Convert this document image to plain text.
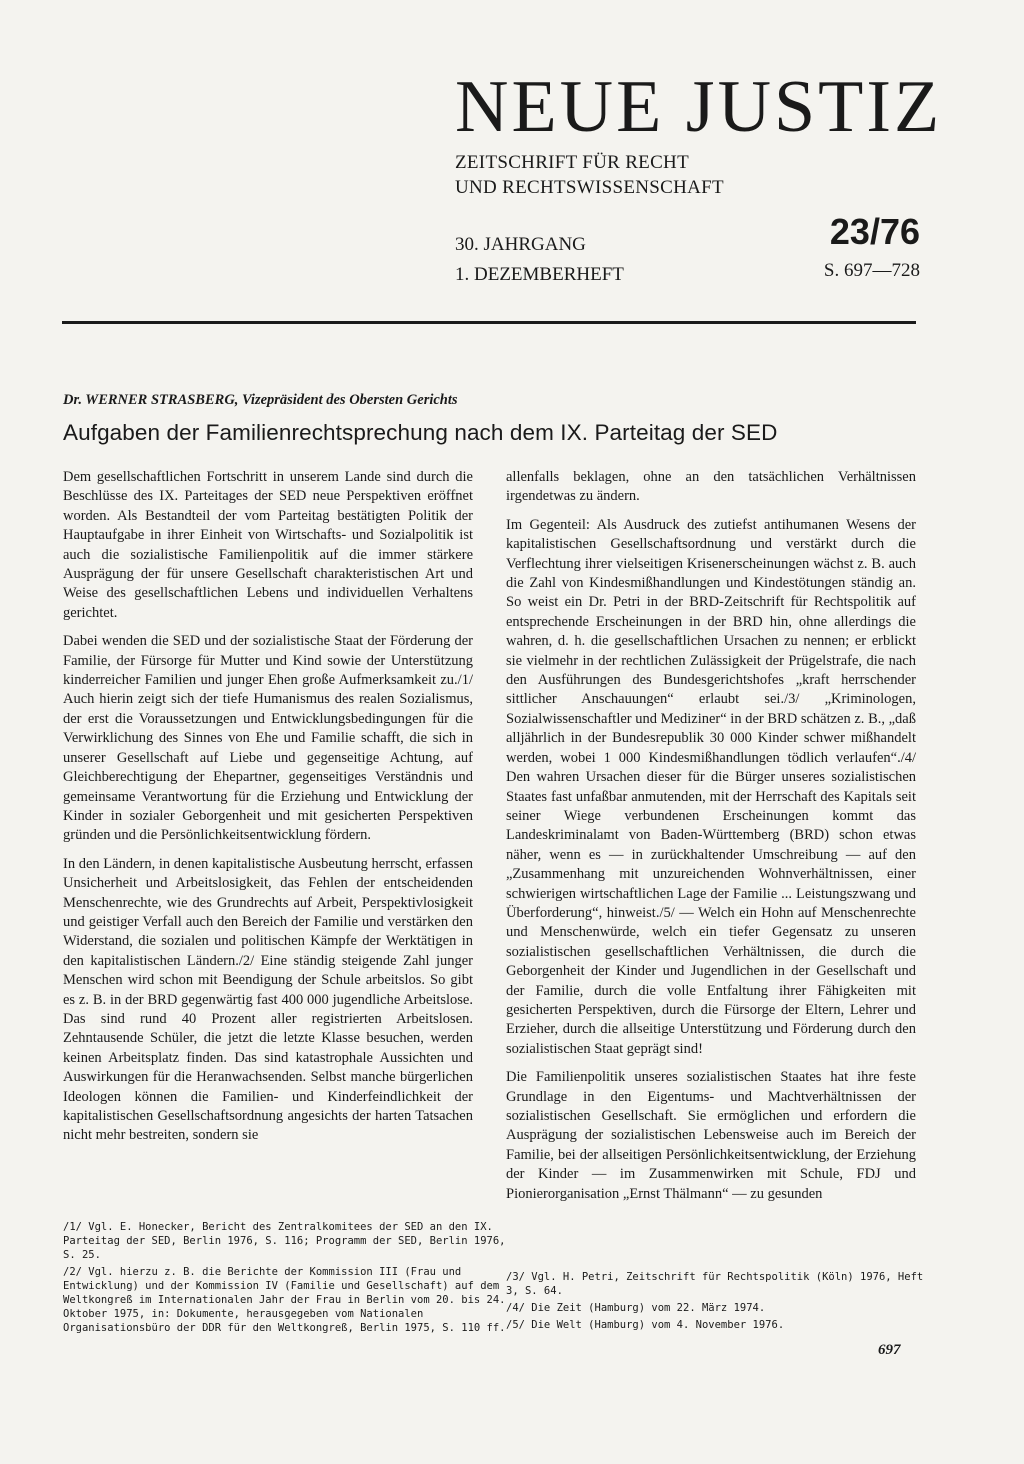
NEUE JUSTIZ
ZEITSCHRIFT FÜR RECHT
UND RECHTSWISSENSCHAFT
30. JAHRGANG
1. DEZEMBERHEFT
23/76
S. 697—728
Dr. WERNER STRASBERG, Vizepräsident des Obersten Gerichts
Aufgaben der Familienrechtsprechung nach dem IX. Parteitag der SED

Dem gesellschaftlichen Fortschritt in unserem Lande sind durch die Beschlüsse des IX. Parteitages der SED neue Perspektiven eröffnet worden. Als Bestandteil der vom Parteitag bestätigten Politik der Hauptaufgabe in ihrer Einheit von Wirtschafts- und Sozialpolitik ist auch die sozialistische Familienpolitik auf die immer stärkere Ausprägung der für unsere Gesellschaft charakteristischen Art und Weise des gesellschaftlichen Lebens und individuellen Verhaltens gerichtet.

Dabei wenden die SED und der sozialistische Staat der Förderung der Familie, der Fürsorge für Mutter und Kind sowie der Unterstützung kinderreicher Familien und junger Ehen große Aufmerksamkeit zu./1/ Auch hierin zeigt sich der tiefe Humanismus des realen Sozialismus, der erst die Voraussetzungen und Entwicklungsbedingungen für die Verwirklichung des Sinnes von Ehe und Familie schafft, die sich in unserer Gesellschaft auf Liebe und gegenseitige Achtung, auf Gleichberechtigung der Ehepartner, gegenseitiges Verständnis und gemeinsame Verantwortung für die Erziehung und Entwicklung der Kinder in sozialer Geborgenheit und mit gesicherten Perspektiven gründen und die Persönlichkeitsentwicklung fördern.

In den Ländern, in denen kapitalistische Ausbeutung herrscht, erfassen Unsicherheit und Arbeitslosigkeit, das Fehlen der entscheidenden Menschenrechte, wie des Grundrechts auf Arbeit, Perspektivlosigkeit und geistiger Verfall auch den Bereich der Familie und verstärken den Widerstand, die sozialen und politischen Kämpfe der Werktätigen in den kapitalistischen Ländern./2/ Eine ständig steigende Zahl junger Menschen wird schon mit Beendigung der Schule arbeitslos. So gibt es z. B. in der BRD gegenwärtig fast 400 000 jugendliche Arbeitslose. Das sind rund 40 Prozent aller registrierten Arbeitslosen. Zehntausende Schüler, die jetzt die letzte Klasse besuchen, werden keinen Arbeitsplatz finden. Das sind katastrophale Aussichten und Auswirkungen für die Heranwachsenden. Selbst manche bürgerlichen Ideologen können die Familien- und Kinderfeindlichkeit der kapitalistischen Gesellschaftsordnung angesichts der harten Tatsachen nicht mehr bestreiten, sondern sie

allenfalls beklagen, ohne an den tatsächlichen Verhältnissen irgendetwas zu ändern.

Im Gegenteil: Als Ausdruck des zutiefst antihumanen Wesens der kapitalistischen Gesellschaftsordnung und verstärkt durch die Verflechtung ihrer vielseitigen Krisenerscheinungen wächst z. B. auch die Zahl von Kindesmißhandlungen und Kindestötungen ständig an. So weist ein Dr. Petri in der BRD-Zeitschrift für Rechtspolitik auf entsprechende Erscheinungen in der BRD hin, ohne allerdings die wahren, d. h. die gesellschaftlichen Ursachen zu nennen; er erblickt sie vielmehr in der rechtlichen Zulässigkeit der Prügelstrafe, die nach den Ausführungen des Bundesgerichtshofes „kraft herrschender sittlicher Anschauungen“ erlaubt sei./3/ „Kriminologen, Sozialwissenschaftler und Mediziner“ in der BRD schätzen z. B., „daß alljährlich in der Bundesrepublik 30 000 Kinder schwer mißhandelt werden, wobei 1 000 Kindesmißhandlungen tödlich verlaufen“./4/ Den wahren Ursachen dieser für die Bürger unseres sozialistischen Staates fast unfaßbar anmutenden, mit der Herrschaft des Kapitals seit seiner Wiege verbundenen Erscheinungen kommt das Landeskriminalamt von Baden-Württemberg (BRD) schon etwas näher, wenn es — in zurückhaltender Umschreibung — auf den „Zusammenhang mit unzureichenden Wohnverhältnissen, einer schwierigen wirtschaftlichen Lage der Familie ... Leistungszwang und Überforderung“, hinweist./5/ — Welch ein Hohn auf Menschenrechte und Menschenwürde, welch ein tiefer Gegensatz zu unseren sozialistischen gesellschaftlichen Verhältnissen, die durch die Geborgenheit der Kinder und Jugendlichen in der Gesellschaft und der Familie, durch die volle Entfaltung ihrer Fähigkeiten mit gesicherten Perspektiven, durch die Fürsorge der Eltern, Lehrer und Erzieher, durch die allseitige Unterstützung und Förderung durch den sozialistischen Staat geprägt sind!

Die Familienpolitik unseres sozialistischen Staates hat ihre feste Grundlage in den Eigentums- und Machtverhältnissen der sozialistischen Gesellschaft. Sie ermöglichen und erfordern die Ausprägung der sozialistischen Lebensweise auch im Bereich der Familie, bei der allseitigen Persönlichkeitsentwicklung, der Erziehung der Kinder — im Zusammenwirken mit Schule, FDJ und Pionierorganisation „Ernst Thälmann“ — zu gesunden

/1/ Vgl. E. Honecker, Bericht des Zentralkomitees der SED an den IX. Parteitag der SED, Berlin 1976, S. 116; Programm der SED, Berlin 1976, S. 25.

/2/ Vgl. hierzu z. B. die Berichte der Kommission III (Frau und Entwicklung) und der Kommission IV (Familie und Gesellschaft) auf dem Weltkongreß im Internationalen Jahr der Frau in Berlin vom 20. bis 24. Oktober 1975, in: Dokumente, herausgegeben vom Nationalen Organisationsbüro der DDR für den Weltkongreß, Berlin 1975, S. 110 ff.

/3/ Vgl. H. Petri, Zeitschrift für Rechtspolitik (Köln) 1976, Heft 3, S. 64.

/4/ Die Zeit (Hamburg) vom 22. März 1974.

/5/ Die Welt (Hamburg) vom 4. November 1976.

697
